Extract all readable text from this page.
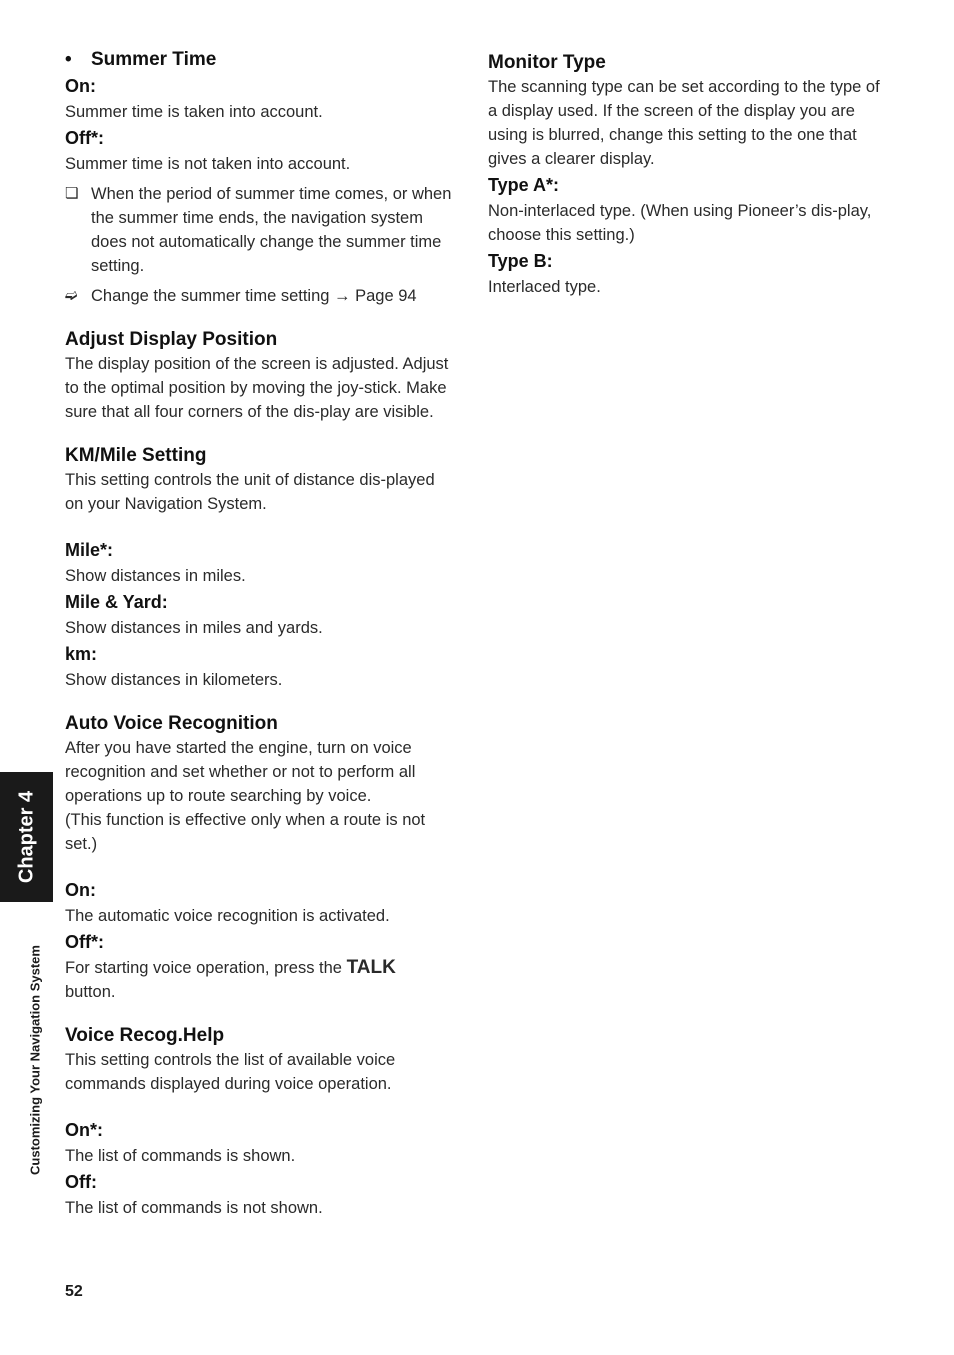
• Summer Time

On:

Summer time is taken into account.

Off*:

Summer time is not taken into account.

❏ When the period of summer time comes, or when the summer time ends, the navigation system does not automatically change the summer time setting.
➫ Change the summer time setting → Page 94

Adjust Display Position

The display position of the screen is adjusted. Adjust to the optimal position by moving the joy-stick. Make sure that all four corners of the dis-play are visible.

KM/Mile Setting

This setting controls the unit of distance dis-played on your Navigation System.

Mile*:

Show distances in miles.

Mile & Yard:

Show distances in miles and yards.

km:

Show distances in kilometers.

Auto Voice Recognition

After you have started the engine, turn on voice recognition and set whether or not to perform all operations up to route searching by voice.

(This function is effective only when a route is not set.)

On:

The automatic voice recognition is activated.

Off*:

For starting voice operation, press the TALK
button.

Voice Recog.Help

This setting controls the list of available voice commands displayed during voice operation.

On*:

The list of commands is shown.

Off:

The list of commands is not shown.

Monitor Type

The scanning type can be set according to the type of a display used. If the screen of the display you are using is blurred, change this setting to the one that gives a clearer display.

Type A*:

Non-interlaced type. (When using Pioneer’s dis-play, choose this setting.)

Type B:

Interlaced type.

Chapter 4
Customizing Your Navigation System
52
